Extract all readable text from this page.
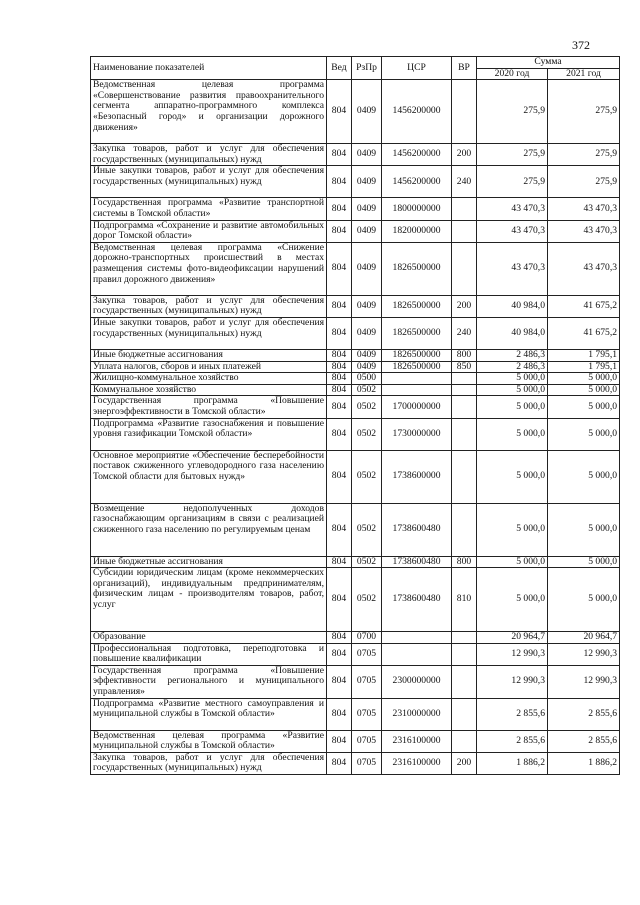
372
Наименование показателей	Вед	РзПр	ЦСР	ВР	Сумма	
					2020 год	2021 год
Ведомственная целевая программа «Совершенствование развития правоохранительного сегмента аппаратно-программного комплекса «Безопасный город» и организации дорожного движения»	804	0409	1456200000		275,9	275,9
Закупка товаров, работ и услуг для обеспечения государственных (муниципальных) нужд	804	0409	1456200000	200	275,9	275,9
Иные закупки товаров, работ и услуг для обеспечения государственных (муниципальных) нужд	804	0409	1456200000	240	275,9	275,9
Государственная программа «Развитие транспортной системы в Томской области»	804	0409	1800000000		43 470,3	43 470,3
Подпрограмма «Сохранение и развитие автомобильных дорог Томской области»	804	0409	1820000000		43 470,3	43 470,3
Ведомственная целевая программа «Снижение дорожно-транспортных происшествий в местах размещения системы фото-видеофиксации нарушений правил дорожного движения»	804	0409	1826500000		43 470,3	43 470,3
Закупка товаров, работ и услуг для обеспечения государственных (муниципальных) нужд	804	0409	1826500000	200	40 984,0	41 675,2
Иные закупки товаров, работ и услуг для обеспечения государственных (муниципальных) нужд	804	0409	1826500000	240	40 984,0	41 675,2
Иные бюджетные ассигнования	804	0409	1826500000	800	2 486,3	1 795,1
Уплата налогов, сборов и иных платежей	804	0409	1826500000	850	2 486,3	1 795,1
Жилищно-коммунальное хозяйство	804	0500			5 000,0	5 000,0
Коммунальное хозяйство	804	0502			5 000,0	5 000,0
Государственная программа «Повышение энергоэффективности в Томской области»	804	0502	1700000000		5 000,0	5 000,0
Подпрограмма «Развитие газоснабжения и повышение уровня газификации Томской области»	804	0502	1730000000		5 000,0	5 000,0
Основное мероприятие «Обеспечение бесперебойности поставок сжиженного углеводородного газа населению Томской области для бытовых нужд»	804	0502	1738600000		5 000,0	5 000,0
Возмещение недополученных доходов газоснабжающим организациям в связи с реализацией сжиженного газа населению по регулируемым ценам	804	0502	1738600480		5 000,0	5 000,0
Иные бюджетные ассигнования	804	0502	1738600480	800	5 000,0	5 000,0
Субсидии юридическим лицам (кроме некоммерческих организаций), индивидуальным предпринимателям, физическим лицам - производителям товаров, работ, услуг	804	0502	1738600480	810	5 000,0	5 000,0
Образование	804	0700			20 964,7	20 964,7
Профессиональная подготовка, переподготовка и повышение квалификации	804	0705			12 990,3	12 990,3
Государственная программа «Повышение эффективности регионального и муниципального управления»	804	0705	2300000000		12 990,3	12 990,3
Подпрограмма «Развитие местного самоуправления и муниципальной службы в Томской области»	804	0705	2310000000		2 855,6	2 855,6
Ведомственная целевая программа «Развитие муниципальной службы в Томской области»	804	0705	2316100000		2 855,6	2 855,6
Закупка товаров, работ и услуг для обеспечения государственных (муниципальных) нужд	804	0705	2316100000	200	1 886,2	1 886,2
